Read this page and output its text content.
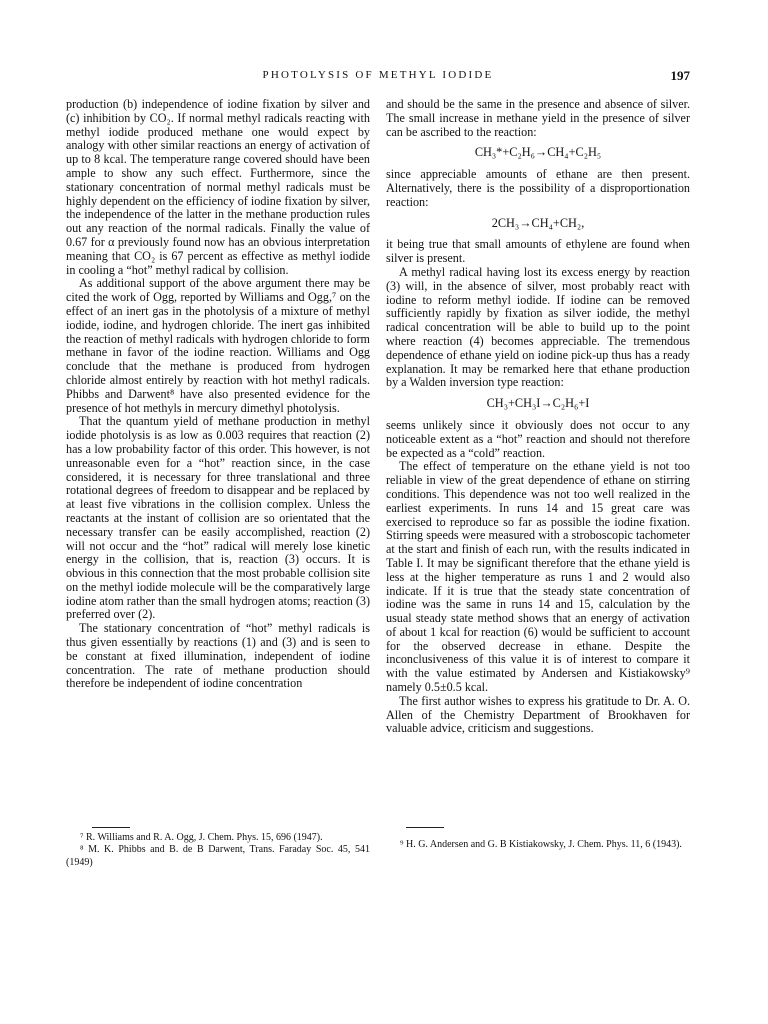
PHOTOLYSIS OF METHYL IODIDE	197

production (b) independence of iodine fixation by silver and (c) inhibition by CO₂. If normal methyl radicals reacting with methyl iodide produced methane one would expect by analogy with other similar reactions an energy of activation of up to 8 kcal. The temperature range covered should have been ample to show any such effect. Furthermore, since the stationary concentration of normal methyl radicals must be highly dependent on the efficiency of iodine fixation by silver, the independence of the latter in the methane production rules out any reaction of the normal radicals. Finally the value of 0.67 for α previously found now has an obvious interpretation meaning that CO₂ is 67 percent as effective as methyl iodide in cooling a “hot” methyl radical by collision.

As additional support of the above argument there may be cited the work of Ogg, reported by Williams and Ogg,⁷ on the effect of an inert gas in the photolysis of a mixture of methyl iodide, iodine, and hydrogen chloride. The inert gas inhibited the reaction of methyl radicals with hydrogen chloride to form methane in favor of the iodine reaction. Williams and Ogg conclude that the methane is produced from hydrogen chloride almost entirely by reaction with hot methyl radicals. Phibbs and Darwent⁸ have also presented evidence for the presence of hot methyls in mercury dimethyl photolysis.

That the quantum yield of methane production in methyl iodide photolysis is as low as 0.003 requires that reaction (2) has a low probability factor of this order. This however, is not unreasonable even for a “hot” reaction since, in the case considered, it is necessary for three translational and three rotational degrees of freedom to disappear and be replaced by at least five vibrations in the collision complex. Unless the reactants at the instant of collision are so orientated that the necessary transfer can be easily accomplished, reaction (2) will not occur and the “hot” radical will merely lose kinetic energy in the collision, that is, reaction (3) occurs. It is obvious in this connection that the most probable collision site on the methyl iodide molecule will be the comparatively large iodine atom rather than the small hydrogen atoms; reaction (3) preferred over (2).

The stationary concentration of “hot” methyl radicals is thus given essentially by reactions (1) and (3) and is seen to be constant at fixed illumination, independent of iodine concentration. The rate of methane production should therefore be independent of iodine concentration

and should be the same in the presence and absence of silver. The small increase in methane yield in the presence of silver can be ascribed to the reaction:

CH₃*+C₂H₆→CH₄+C₂H₅

since appreciable amounts of ethane are then present. Alternatively, there is the possibility of a disproportionation reaction:

2CH₃→CH₄+CH₂,

it being true that small amounts of ethylene are found when silver is present.

A methyl radical having lost its excess energy by reaction (3) will, in the absence of silver, most probably react with iodine to reform methyl iodide. If iodine can be removed sufficiently rapidly by fixation as silver iodide, the methyl radical concentration will be able to build up to the point where reaction (4) becomes appreciable. The tremendous dependence of ethane yield on iodine pick-up thus has a ready explanation. It may be remarked here that ethane production by a Walden inversion type reaction:

CH₃+CH₃I→C₂H₆+I

seems unlikely since it obviously does not occur to any noticeable extent as a “hot” reaction and should not therefore be expected as a “cold” reaction.

The effect of temperature on the ethane yield is not too reliable in view of the great dependence of ethane on stirring conditions. This dependence was not too well realized in the earliest experiments. In runs 14 and 15 great care was exercised to reproduce so far as possible the iodine fixation. Stirring speeds were measured with a stroboscopic tachometer at the start and finish of each run, with the results indicated in Table I. It may be significant therefore that the ethane yield is less at the higher temperature as runs 1 and 2 would also indicate. If it is true that the steady state concentration of iodine was the same in runs 14 and 15, calculation by the usual steady state method shows that an energy of activation of about 1 kcal for reaction (6) would be sufficient to account for the observed decrease in ethane. Despite the inconclusiveness of this value it is of interest to compare it with the value estimated by Andersen and Kistiakowsky⁹ namely 0.5±0.5 kcal.

The first author wishes to express his gratitude to Dr. A. O. Allen of the Chemistry Department of Brookhaven for valuable advice, criticism and suggestions.

⁷ R. Williams and R. A. Ogg, J. Chem. Phys. 15, 696 (1947).

⁸ M. K. Phibbs and B. de B Darwent, Trans. Faraday Soc. 45, 541 (1949)

⁹ H. G. Andersen and G. B Kistiakowsky, J. Chem. Phys. 11, 6 (1943).
